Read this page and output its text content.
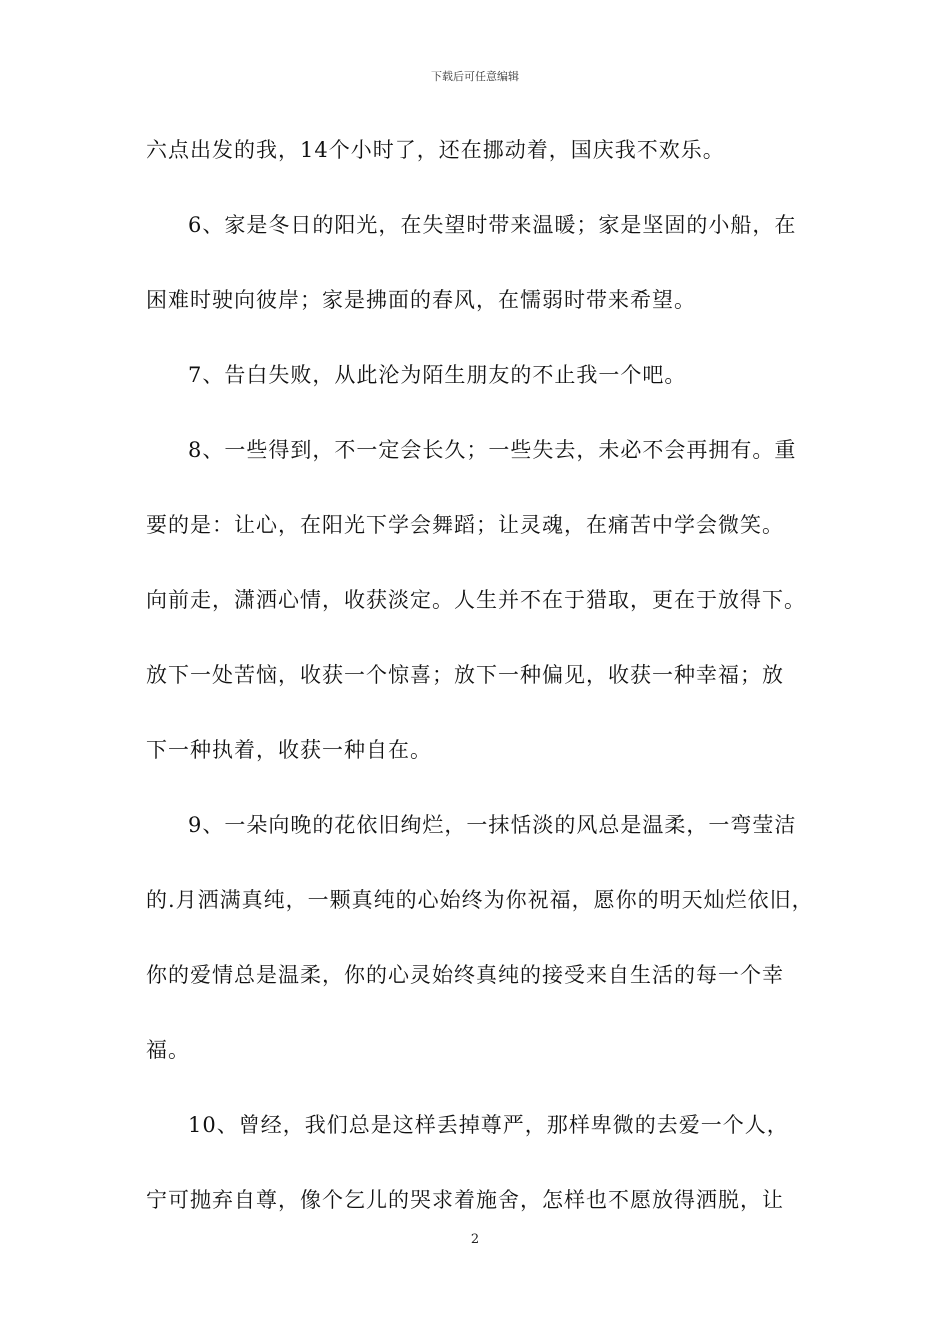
下载后可任意编辑
六点出发的我，14个小时了，还在挪动着，国庆我不欢乐。
6、家是冬日的阳光，在失望时带来温暖；家是坚固的小船，在
困难时驶向彼岸；家是拂面的春风，在懦弱时带来希望。
7、告白失败，从此沦为陌生朋友的不止我一个吧。
8、一些得到，不一定会长久；一些失去，未必不会再拥有。重
要的是：让心，在阳光下学会舞蹈；让灵魂，在痛苦中学会微笑。
向前走，潇洒心情，收获淡定。人生并不在于猎取，更在于放得下。
放下一处苦恼，收获一个惊喜；放下一种偏见，收获一种幸福；放
下一种执着，收获一种自在。
9、一朵向晚的花依旧绚烂，一抹恬淡的风总是温柔，一弯莹洁
的.月洒满真纯，一颗真纯的心始终为你祝福，愿你的明天灿烂依旧，
你的爱情总是温柔，你的心灵始终真纯的接受来自生活的每一个幸
福。
10、曾经，我们总是这样丢掉尊严，那样卑微的去爱一个人，
宁可抛弃自尊，像个乞儿的哭求着施舍，怎样也不愿放得洒脱，让
2
